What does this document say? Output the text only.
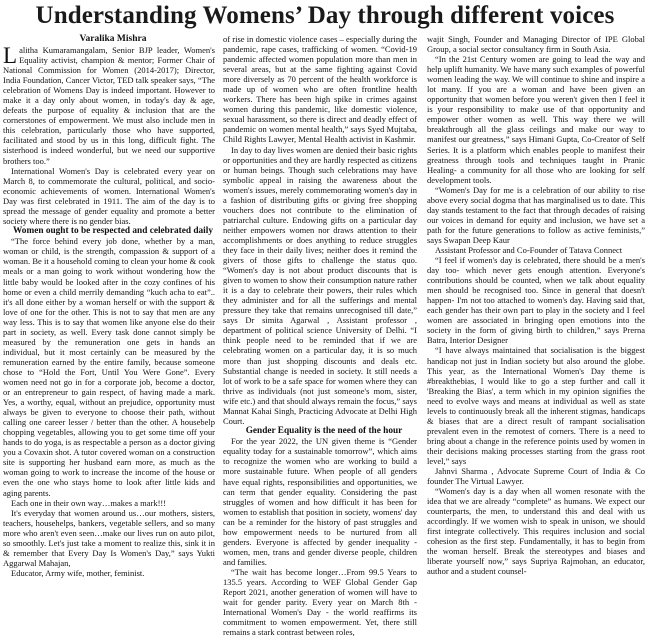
Understanding Womens’ Day through different voices

Varalika Mishra

Lalitha Kumaramangalam, Senior BJP leader, Women's Equality activist, champion & mentor; Former Chair of National Commission for Women (2014-2017); Director, India Foundation, Cancer Victor, TED talk speaker says, “The celebration of Womens Day is indeed important. However to make it a day only about women, in today's day & age, defeats the purpose of equality & inclusion that are the cornerstones of empowerment. We must also include men in this celebration, particularly those who have supported, facilitated and stood by us in this long, difficult fight. The sisterhood is indeed wonderful, but we need our supportive brothers too.”

International Women's Day is celebrated every year on March 8, to commemorate the cultural, political, and socio-economic achievements of women. International Women's Day was first celebrated in 1911. The aim of the day is to spread the message of gender equality and promote a better society where there is no gender bias.

Women ought to be respected and celebrated daily

“The force behind every job done, whether by a man, woman or child, is the strength, compassion & support of a woman. Be it a household coming to clean your home & cook meals or a man going to work without wondering how the little baby would be looked after in the cozy confines of his home or even a child merrily demanding “kuch acha to eat”.. it's all done either by a woman herself or with the support & love of one for the other. This is not to say that men are any way less. This is to say that women like anyone else do their part in society, as well. Every task done cannot simply be measured by the remuneration one gets in hands an individual, but it most certainly can be measured by the remuneration earned by the entire family, because someone chose to “Hold the Fort, Until You Were Gone”. Every women need not go in for a corporate job, become a doctor, or an entrepreneur to gain respect, of having made a mark. Yes, a worthy, equal, without an prejudice, opportunity must always be given to everyone to choose their path, without calling one career lesser / better than the other. A housebelp chopping vegetables, allowing you to get some time off your hands to do yoga, is as respectable a person as a doctor giving you a Covaxin shot. A tutor covered woman on a construction site is supporting her husband earn more, as much as the woman going to work to increase the income of the house or even the one who stays home to look after little kids and aging parents.

Each one in their own way…makes a mark!!!

It's everyday that women around us…our mothers, sisters, teachers, househelps, bankers, vegetable sellers, and so many more who aren't even seen…make our lives run on auto pilot, so smoothly. Let's just take a moment to realize this, sink it in & remember that Every Day Is Women's Day,” says Yukti Aggarwal Mahajan,

Educator, Army wife, mother, feminist.

of rise in domestic violence cases – especially during the pandemic, rape cases, trafficking of women. “Covid-19 pandemic affected women population more than men in several areas, but at the same fighting against Covid more diversely as 70 percent of the health workforce is made up of women who are often frontline health workers. There has been high spike in crimes against women during this pandemic, like domestic violence, sexual harassment, so there is direct and deadly effect of pandemic on women mental health,” says Syed Mujtaba, Child Rights Lawyer, Mental Health activist in Kashmir.

In day to day lives women are denied their basic rights or opportunities and they are hardly respected as citizens or human beings. Though such celebrations may have symbolic appeal in raising the awareness about the women's issues, merely commemorating women's day in a fashion of distributing gifts or giving free shopping vouchers does not contribute to the elimination of patriarchal culture. Endowing gifts on a particular day neither empowers women nor draws attention to their accomplishments or does anything to reduce struggles they face in their daily lives; neither does it remind the givers of those gifts to challenge the status quo. “Women's day is not about product discounts that is given to women to show their consumption nature rather it is a day to celebrate their powers, their rules which they administer and for all the sufferings and mental pressure they take that remains unrecognised till date,” says Dr simita Agarwal , Assistant professor , department of political science University of Delhi. “I think people need to be reminded that if we are celebrating women on a particular day, it is so much more than just shopping discounts and deals etc. Substantial change is needed in society. It still needs a lot of work to be a safe space for women where they can thrive as individuals (not just someone's mom, sister, wife etc.) and that should always remain the focus,” says Mannat Kahai Singh, Practicing Advocate at Delhi High Court.

Gender Equality is the need of the hour

For the year 2022, the UN given theme is “Gender equality today for a sustainable tomorrow”, which aims to recognize the women who are working to build a more sustainable future. When people of all genders have equal rights, responsibilities and opportunities, we can term that gender equality. Considering the past struggles of women and how difficult it has been for women to establish that position in society, womens' day can be a reminder for the history of past struggles and how empowerment needs to be nurtured from all genders. Everyone is affected by gender inequality - women, men, trans and gender diverse people, children and families.

“The wait has become longer…From 99.5 Years to 135.5 years. According to WEF Global Gender Gap Report 2021, another generation of women will have to wait for gender parity. Every year on March 8th - International Women's Day - the world reaffirms its commitment to women empowerment. Yet, there still remains a stark contrast between roles,

wajit Singh, Founder and Managing Director of IPE Global Group, a social sector consultancy firm in South Asia.

“In the 21st Century women are going to lead the way and help uplift humanity. We have many such examples of powerful women leading the way. We will continue to shine and inspire a lot many. If you are a woman and have been given an opportunity that women before you weren't given then I feel it is your responsibility to make use of that opportunity and empower other women as well. This way there we will breakthrough all the glass ceilings and make our way to manifest our greatness,” says Himani Gupta, Co-Creator of Self Series. It is a platform which enables people to manifest their greatness through tools and techniques taught in Pranic Healing- a community for all those who are looking for self development tools.

“Women's Day for me is a celebration of our ability to rise above every social dogma that has marginalised us to date. This day stands testament to the fact that through decades of raising our voices in demand for equity and inclusion, we have set a path for the future generations to follow as active feminists,” says Swapan Deep Kaur

Assistant Professor and Co-Founder of Tatava Connect

“I feel if women's day is celebrated, there should be a men's day too- which never gets enough attention. Everyone's contributions should be counted, when we talk about equality men should be recognised too. Since in general that doesn't happen- I'm not too attached to women's day. Having said that, each gender has their own part to play in the society and I feel women are associated in bringing open emotions into the society in the form of giving birth to children,” says Prerna Batra, Interior Designer

“I have always maintained that socialisation is the biggest handicap not just in Indian society but also around the globe. This year, as the International Women's Day theme is #breakthebias, I would like to go a step further and call it 'Breaking the Bias', a term which in my opinion signifies the need to evolve ways and means at individual as well as state levels to continuously break all the inherent stigmas, handicaps & biases that are a direct result of rampant socialisation prevalent even in the remotest of corners. There is a need to bring about a change in the reference points used by women in their decisions making processes starting from the grass root level,” says

Jahnvi Sharma , Advocate Supreme Court of India & Co founder The Virtual Lawyer.

“Women's day is a day when all women resonate with the idea that we are already “complete” as humans. We expect our counterparts, the men, to understand this and deal with us accordingly. If we women wish to speak in unison, we should first integrate collectively. This requires inclusion and social cohesion as the first step. Fundamentally, it has to begin from the woman herself. Break the stereotypes and biases and liberate yourself now,” says Supriya Rajmohan, an educator, author and a student counsel-
